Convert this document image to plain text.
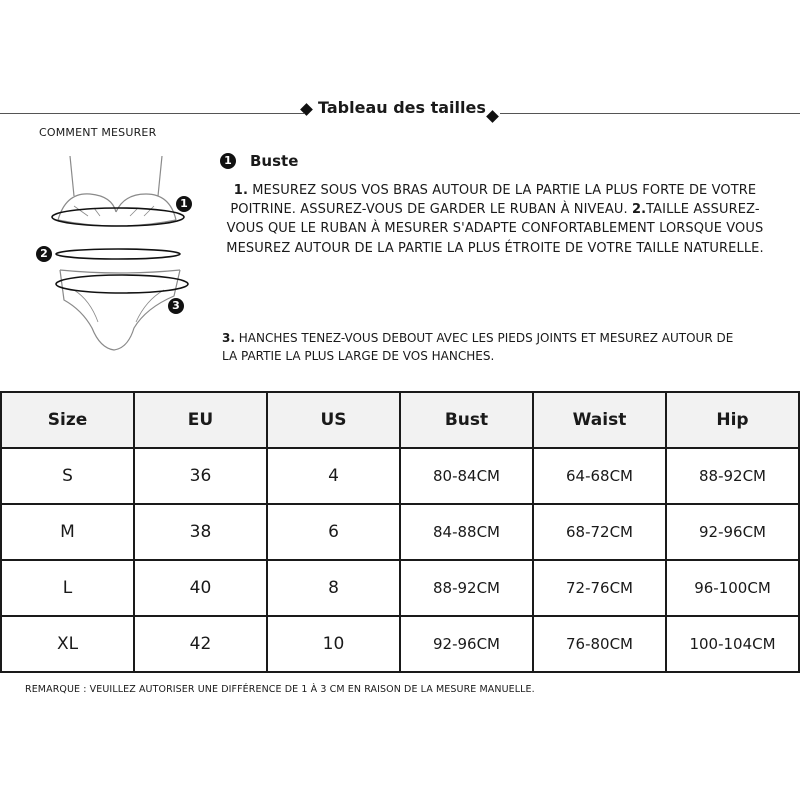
Tableau des tailles
COMMENT MESURER
1
2
3
1 Buste
1. MESUREZ SOUS VOS BRAS AUTOUR DE LA PARTIE LA PLUS FORTE DE VOTRE POITRINE. ASSUREZ-VOUS DE GARDER LE RUBAN À NIVEAU. 2.TAILLE ASSUREZ-VOUS QUE LE RUBAN À MESURER S'ADAPTE CONFORTABLEMENT LORSQUE VOUS MESUREZ AUTOUR DE LA PARTIE LA PLUS ÉTROITE DE VOTRE TAILLE NATURELLE.
3. HANCHES TENEZ-VOUS DEBOUT AVEC LES PIEDS JOINTS ET MESUREZ AUTOUR DE LA PARTIE LA PLUS LARGE DE VOS HANCHES.
Size	EU	US	Bust	Waist	Hip
S	36	4	80-84CM	64-68CM	88-92CM
M	38	6	84-88CM	68-72CM	92-96CM
L	40	8	88-92CM	72-76CM	96-100CM
XL	42	10	92-96CM	76-80CM	100-104CM
REMARQUE : VEUILLEZ AUTORISER UNE DIFFÉRENCE DE 1 À 3 CM EN RAISON DE LA MESURE MANUELLE.
